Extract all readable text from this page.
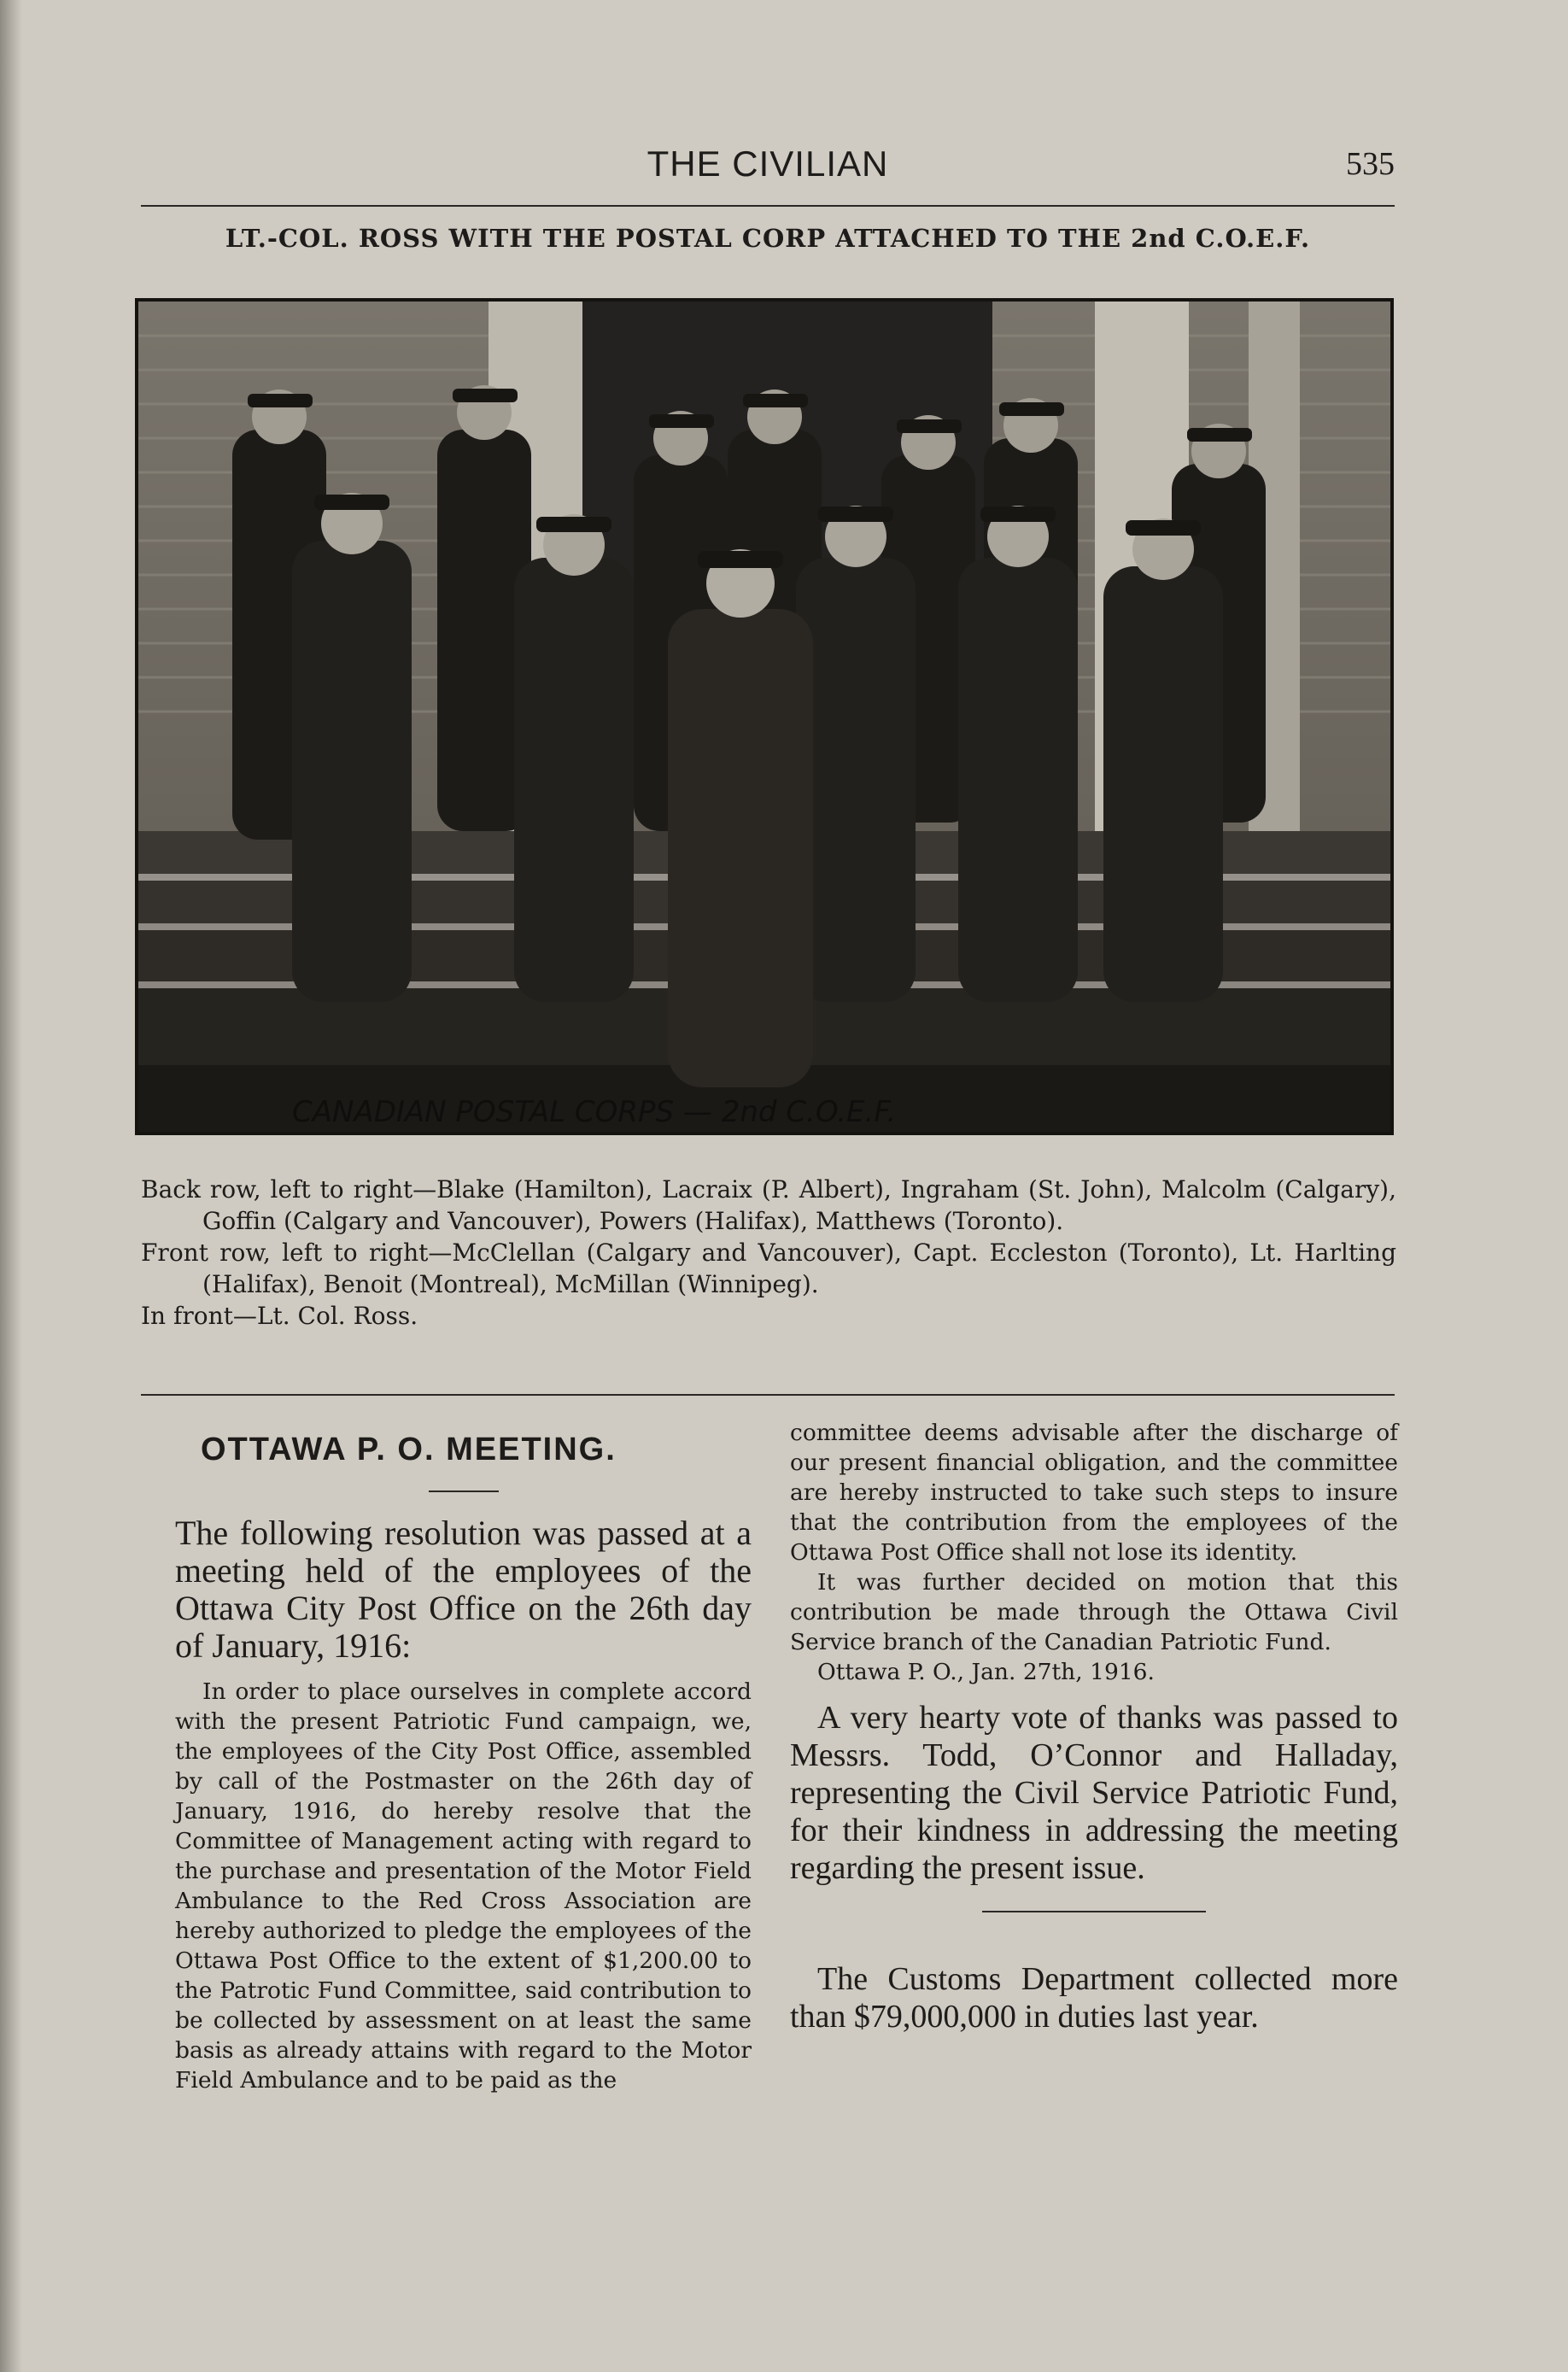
THE CIVILIAN	535
LT.-COL. ROSS WITH THE POSTAL CORP ATTACHED TO THE 2nd C.O.E.F.
CANADIAN POSTAL CORPS — 2nd C.O.E.F.

Back row, left to right—Blake (Hamilton), Lacraix (P. Albert), Ingraham (St. John), Malcolm (Calgary), Goffin (Calgary and Vancouver), Powers (Halifax), Matthews (Toronto).

Front row, left to right—McClellan (Calgary and Vancouver), Capt. Eccleston (Toronto), Lt. Harlting (Halifax), Benoit (Montreal), McMillan (Winnipeg).

In front—Lt. Col. Ross.

OTTAWA P. O. MEETING.

The following resolution was passed at a meeting held of the employees of the Ottawa City Post Office on the 26th day of January, 1916:

In order to place ourselves in complete accord with the present Patriotic Fund campaign, we, the employees of the City Post Office, assembled by call of the Postmaster on the 26th day of January, 1916, do hereby resolve that the Committee of Management acting with regard to the purchase and presentation of the Motor Field Ambulance to the Red Cross Association are hereby authorized to pledge the employees of the Ottawa Post Office to the extent of $1,200.00 to the Patrotic Fund Committee, said contribution to be collected by assessment on at least the same basis as already attains with regard to the Motor Field Ambulance and to be paid as the

committee deems advisable after the discharge of our present financial obligation, and the committee are hereby instructed to take such steps to insure that the contribution from the employees of the Ottawa Post Office shall not lose its identity.

It was further decided on motion that this contribution be made through the Ottawa Civil Service branch of the Canadian Patriotic Fund.

Ottawa P. O., Jan. 27th, 1916.

A very hearty vote of thanks was passed to Messrs. Todd, O’Connor and Halladay, representing the Civil Service Patriotic Fund, for their kindness in addressing the meeting regarding the present issue.

The Customs Department collected more than $79,000,000 in duties last year.
